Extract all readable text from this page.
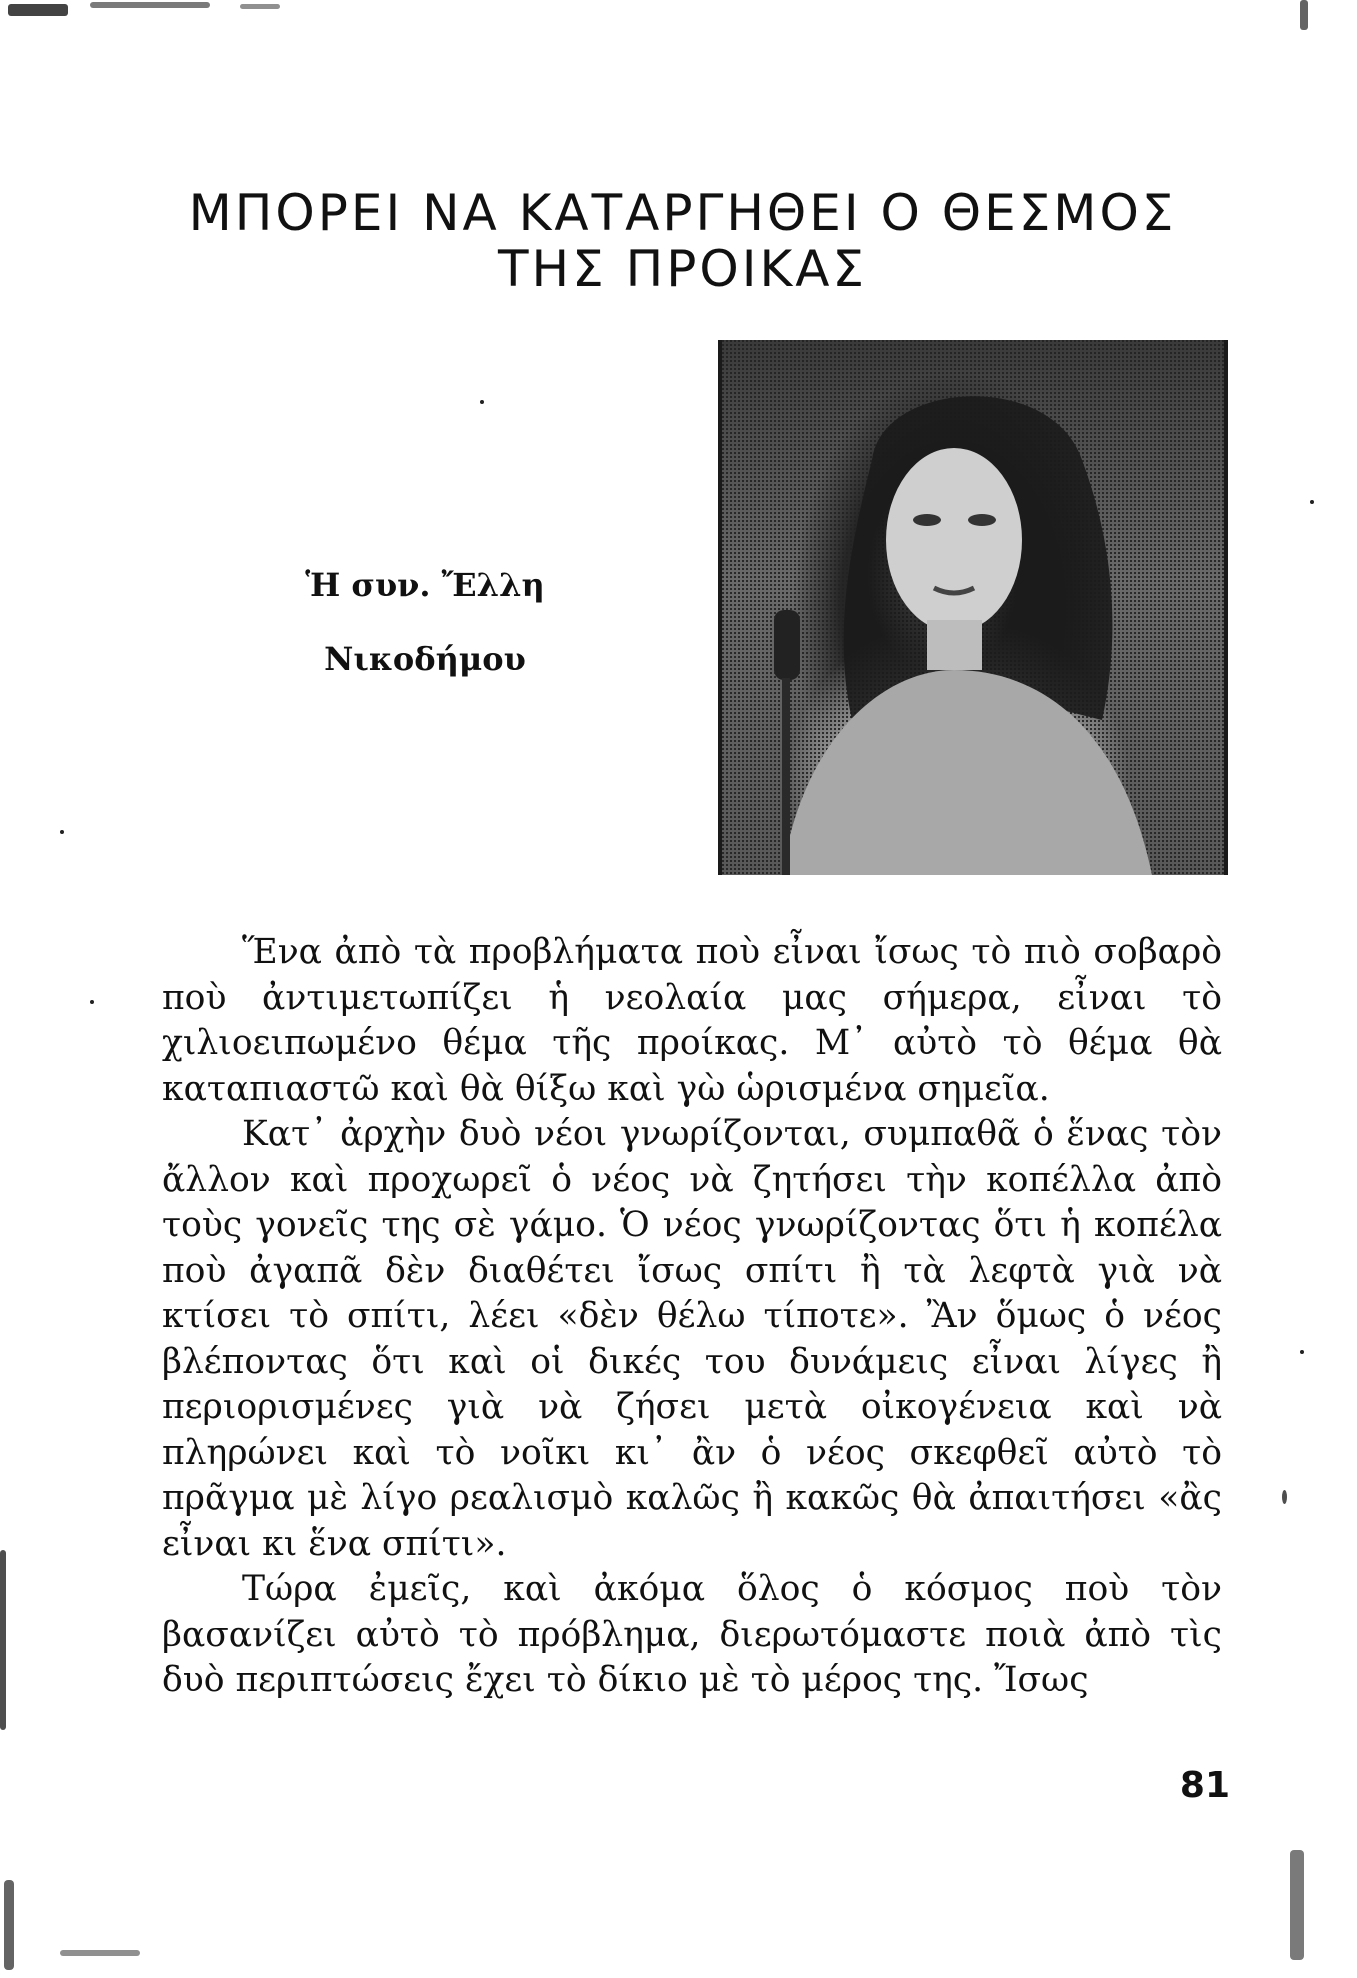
ΜΠΟΡΕΙ ΝΑ ΚΑΤΑΡΓΗΘΕΙ Ο ΘΕΣΜΟΣ
ΤΗΣ ΠΡΟΙΚΑΣ
Ἡ συν. Ἔλλη
Νικοδήμου

Ἕνα ἀπὸ τὰ προβλήματα ποὺ εἶναι ἴσως τὸ πιὸ σοβαρὸ ποὺ ἀντιμετωπίζει ἡ νεολαία μας σήμερα, εἶναι τὸ χιλιοειπωμένο θέμα τῆς προίκας. Μ᾿ αὐτὸ τὸ θέμα θὰ καταπιαστῶ καὶ θὰ θίξω καὶ γὼ ὡρισμένα σημεῖα.

Κατ᾿ ἀρχὴν δυὸ νέοι γνωρίζονται, συμπαθᾶ ὁ ἕνας τὸν ἄλλον καὶ προχωρεῖ ὁ νέος νὰ ζητήσει τὴν κοπέλλα ἀπὸ τοὺς γονεῖς της σὲ γάμο. Ὁ νέος γνωρίζοντας ὅτι ἡ κοπέλα ποὺ ἀγαπᾶ δὲν διαθέτει ἴσως σπίτι ἢ τὰ λεφτὰ γιὰ νὰ κτίσει τὸ σπίτι, λέει «δὲν θέλω τίποτε». Ἂν ὅμως ὁ νέος βλέποντας ὅτι καὶ οἱ δικές του δυνάμεις εἶναι λίγες ἢ περιορισμένες γιὰ νὰ ζήσει μετὰ οἰκογένεια καὶ νὰ πληρώνει καὶ τὸ νοῖκι κι᾿ ἂν ὁ νέος σκεφθεῖ αὐτὸ τὸ πρᾶγμα μὲ λίγο ρεαλισμὸ καλῶς ἢ κακῶς θὰ ἀπαιτήσει «ἂς εἶναι κι ἕνα σπίτι».

Τώρα ἐμεῖς, καὶ ἀκόμα ὅλος ὁ κόσμος ποὺ τὸν βασανίζει αὐτὸ τὸ πρόβλημα, διερωτόμαστε ποιὰ ἀπὸ τὶς δυὸ περιπτώσεις ἔχει τὸ δίκιο μὲ τὸ μέρος της. Ἴσως

81
